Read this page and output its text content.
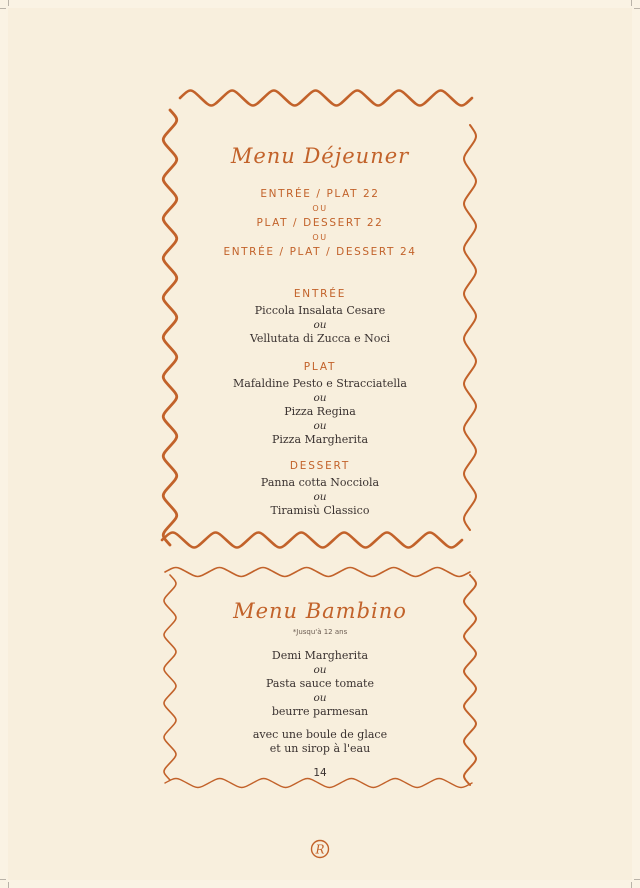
R
Menu Déjeuner
ENTRÉE / PLAT 22
OU
PLAT / DESSERT 22
OU
ENTRÉE / PLAT / DESSERT 24
ENTRÉE
Piccola Insalata Cesare
ou
Vellutata di Zucca e Noci
PLAT
Mafaldine Pesto e Stracciatella
ou
Pizza Regina
ou
Pizza Margherita
DESSERT
Panna cotta Nocciola
ou
Tiramisù Classico
Menu Bambino
*Jusqu'à 12 ans
Demi Margherita
ou
Pasta sauce tomate
ou
beurre parmesan
avec une boule de glace
et un sirop à l'eau
14
